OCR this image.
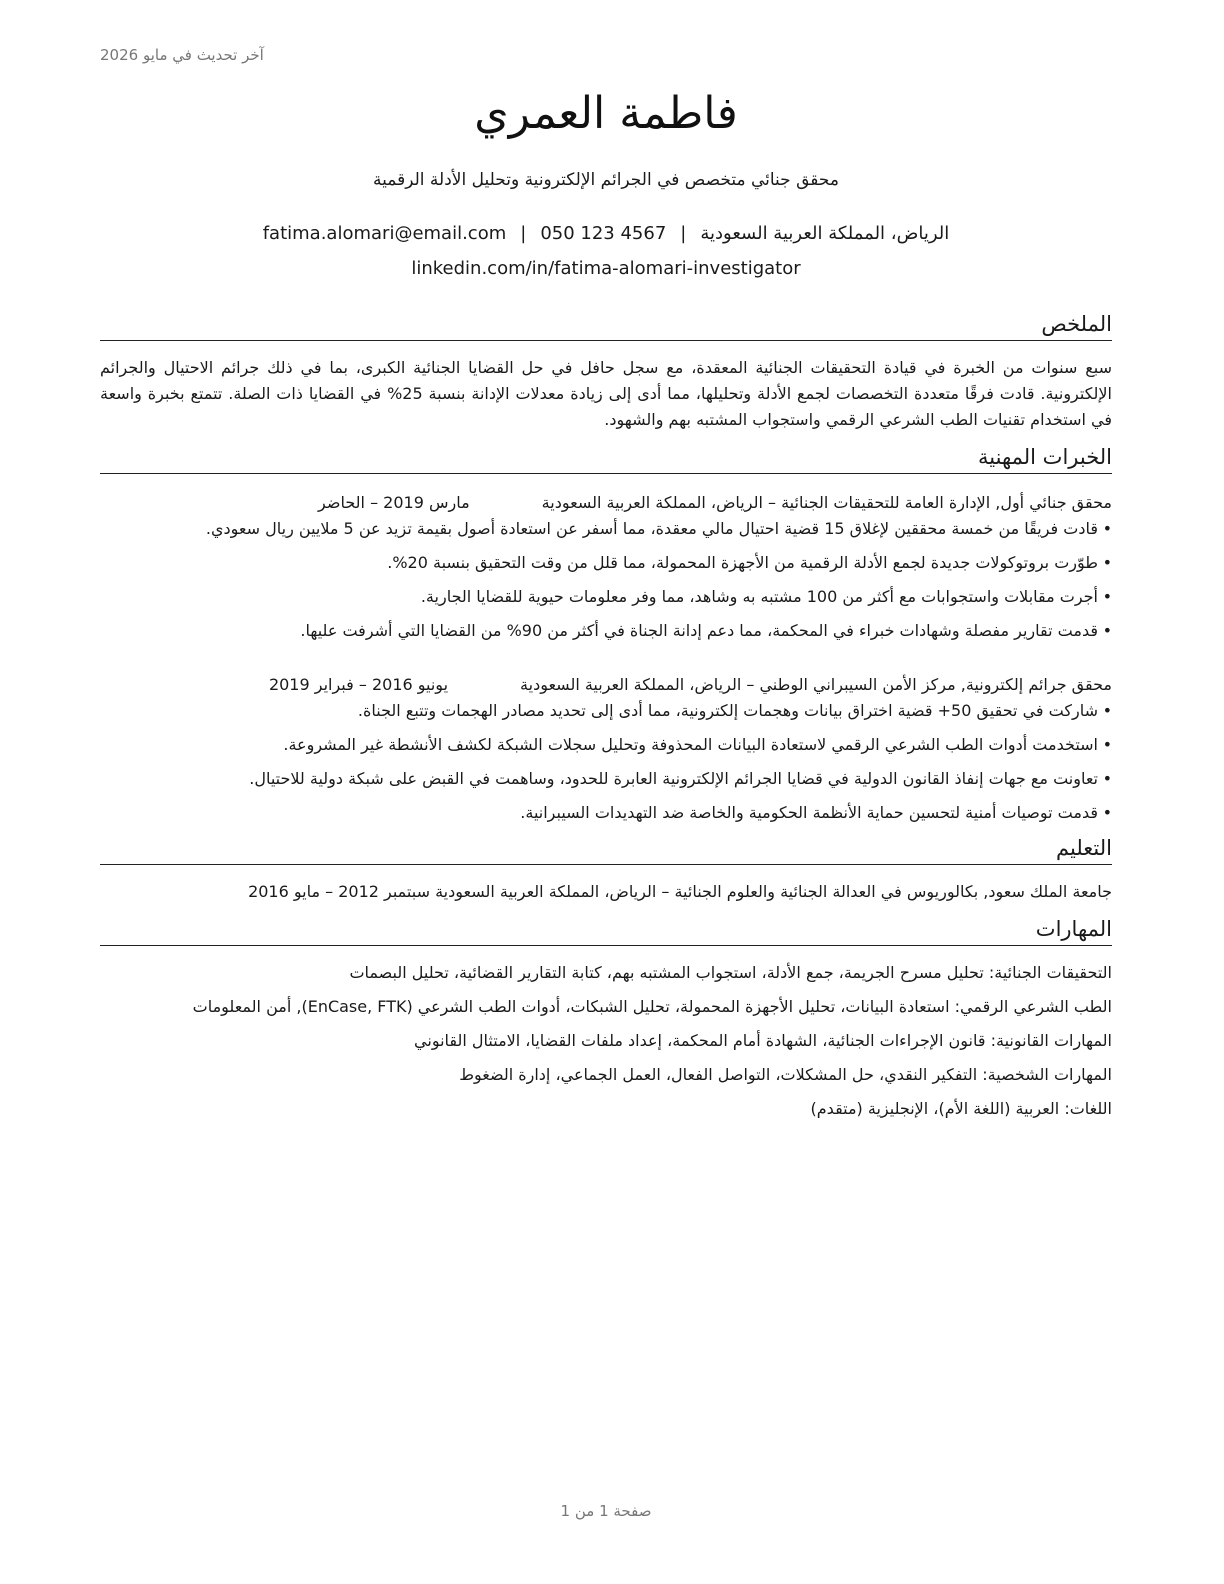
آخر تحديث في مايو 2026
فاطمة العمري
محقق جنائي متخصص في الجرائم الإلكترونية وتحليل الأدلة الرقمية
الرياض، المملكة العربية السعودية|fatima.alomari@email.com | 050 123 4567
linkedin.com/in/fatima-alomari-investigator
الملخص

سبع سنوات من الخبرة في قيادة التحقيقات الجنائية المعقدة، مع سجل حافل في حل القضايا الجنائية الكبرى، بما في ذلك جرائم الاحتيال والجرائم الإلكترونية. قادت فرقًا متعددة التخصصات لجمع الأدلة وتحليلها، مما أدى إلى زيادة معدلات الإدانة بنسبة 25% في القضايا ذات الصلة. تتمتع بخبرة واسعة في استخدام تقنيات الطب الشرعي الرقمي واستجواب المشتبه بهم والشهود.

الخبرات المهنية
محقق جنائي أول, الإدارة العامة للتحقيقات الجنائية – الرياض، المملكة العربية السعودية
مارس 2019 – الحاضر
•
قادت فريقًا من خمسة محققين لإغلاق 15 قضية احتيال مالي معقدة، مما أسفر عن استعادة أصول بقيمة تزيد عن 5 ملايين ريال سعودي.
•
طوّرت بروتوكولات جديدة لجمع الأدلة الرقمية من الأجهزة المحمولة، مما قلل من وقت التحقيق بنسبة 20%.
•
أجرت مقابلات واستجوابات مع أكثر من 100 مشتبه به وشاهد، مما وفر معلومات حيوية للقضايا الجارية.
•
قدمت تقارير مفصلة وشهادات خبراء في المحكمة، مما دعم إدانة الجناة في أكثر من 90% من القضايا التي أشرفت عليها.
محقق جرائم إلكترونية, مركز الأمن السيبراني الوطني – الرياض، المملكة العربية السعودية
يونيو 2016 – فبراير 2019
•
شاركت في تحقيق 50+ قضية اختراق بيانات وهجمات إلكترونية، مما أدى إلى تحديد مصادر الهجمات وتتبع الجناة.
•
استخدمت أدوات الطب الشرعي الرقمي لاستعادة البيانات المحذوفة وتحليل سجلات الشبكة لكشف الأنشطة غير المشروعة.
•
تعاونت مع جهات إنفاذ القانون الدولية في قضايا الجرائم الإلكترونية العابرة للحدود، وساهمت في القبض على شبكة دولية للاحتيال.
•
قدمت توصيات أمنية لتحسين حماية الأنظمة الحكومية والخاصة ضد التهديدات السيبرانية.
التعليم
جامعة الملك سعود, بكالوريوس في العدالة الجنائية والعلوم الجنائية – الرياض، المملكة العربية السعودية سبتمبر 2012 – مايو 2016
المهارات
التحقيقات الجنائية: تحليل مسرح الجريمة، جمع الأدلة، استجواب المشتبه بهم، كتابة التقارير القضائية، تحليل البصمات
الطب الشرعي الرقمي: استعادة البيانات، تحليل الأجهزة المحمولة، تحليل الشبكات، أدوات الطب الشرعي (EnCase, FTK), أمن المعلومات
المهارات القانونية: قانون الإجراءات الجنائية، الشهادة أمام المحكمة، إعداد ملفات القضايا، الامتثال القانوني
المهارات الشخصية: التفكير النقدي، حل المشكلات، التواصل الفعال، العمل الجماعي، إدارة الضغوط
اللغات: العربية (اللغة الأم)، الإنجليزية (متقدم)
صفحة 1 من 1
